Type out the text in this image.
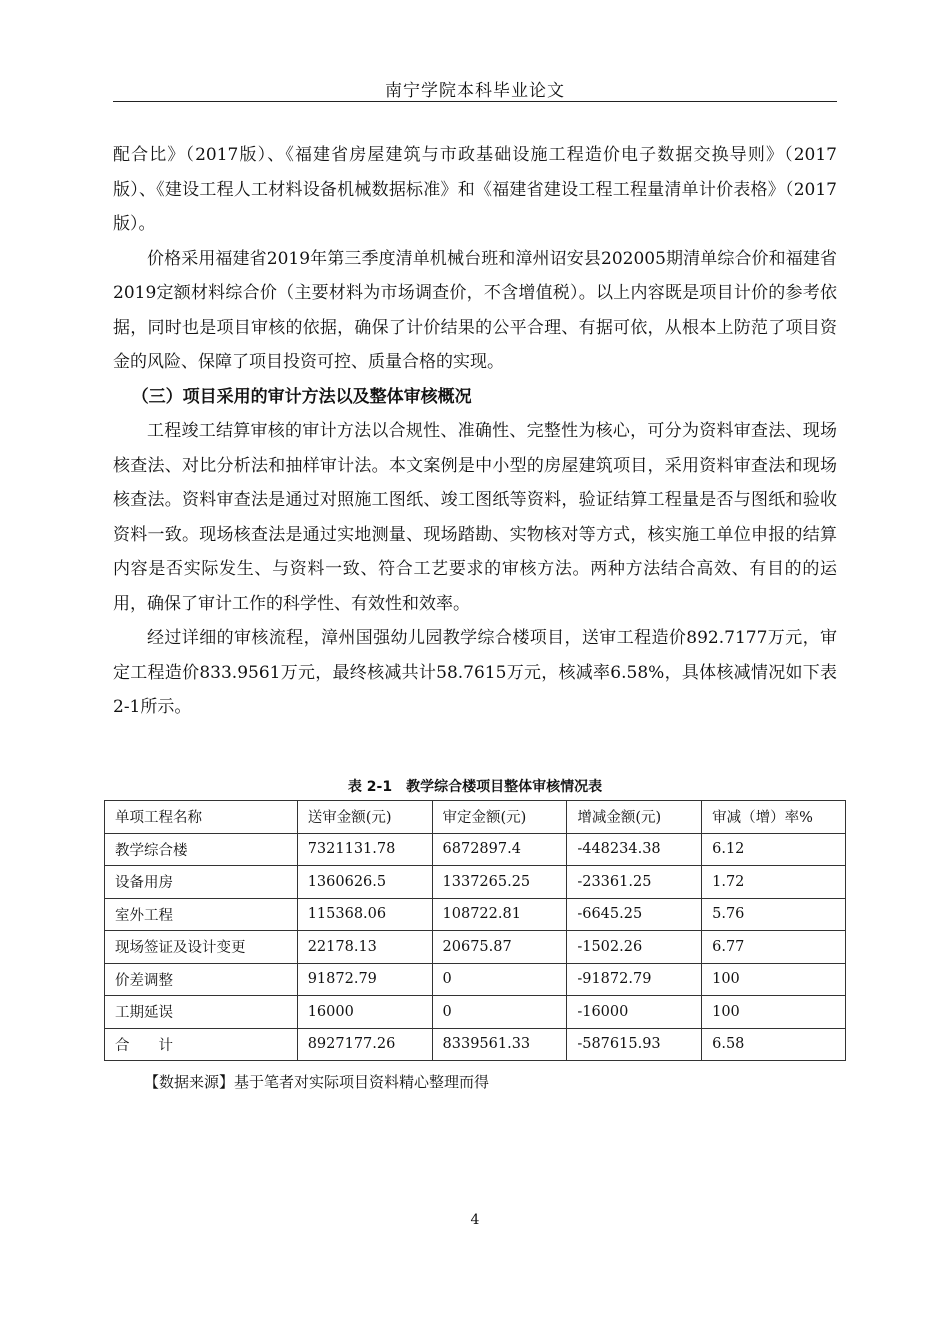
南宁学院本科毕业论文

配合比》（2017版）、《福建省房屋建筑与市政基础设施工程造价电子数据交换导则》（2017版）、《建设工程人工材料设备机械数据标准》和《福建省建设工程工程量清单计价表格》（2017版）。

价格采用福建省2019年第三季度清单机械台班和漳州诏安县202005期清单综合价和福建省2019定额材料综合价（主要材料为市场调查价，不含增值税）。以上内容既是项目计价的参考依据，同时也是项目审核的依据，确保了计价结果的公平合理、有据可依，从根本上防范了项目资金的风险、保障了项目投资可控、质量合格的实现。

（三）项目采用的审计方法以及整体审核概况

工程竣工结算审核的审计方法以合规性、准确性、完整性为核心，可分为资料审查法、现场核查法、对比分析法和抽样审计法。本文案例是中小型的房屋建筑项目，采用资料审查法和现场核查法。资料审查法是通过对照施工图纸、竣工图纸等资料，验证结算工程量是否与图纸和验收资料一致。现场核查法是通过实地测量、现场踏勘、实物核对等方式，核实施工单位申报的结算内容是否实际发生、与资料一致、符合工艺要求的审核方法。两种方法结合高效、有目的的运用，确保了审计工作的科学性、有效性和效率。

经过详细的审核流程，漳州国强幼儿园教学综合楼项目，送审工程造价892.7177万元，审定工程造价833.9561万元，最终核减共计58.7615万元，核减率6.58%，具体核减情况如下表2-1所示。

表 2-1　教学综合楼项目整体审核情况表
单项工程名称	送审金额(元)	审定金额(元)	增减金额(元)	审减（增）率%
教学综合楼	7321131.78	6872897.4	-448234.38	6.12
设备用房	1360626.5	1337265.25	-23361.25	1.72
室外工程	115368.06	108722.81	-6645.25	5.76
现场签证及设计变更	22178.13	20675.87	-1502.26	6.77
价差调整	91872.79	0	-91872.79	100
工期延误	16000	0	-16000	100
合　　计	8927177.26	8339561.33	-587615.93	6.58
【数据来源】基于笔者对实际项目资料精心整理而得
4
